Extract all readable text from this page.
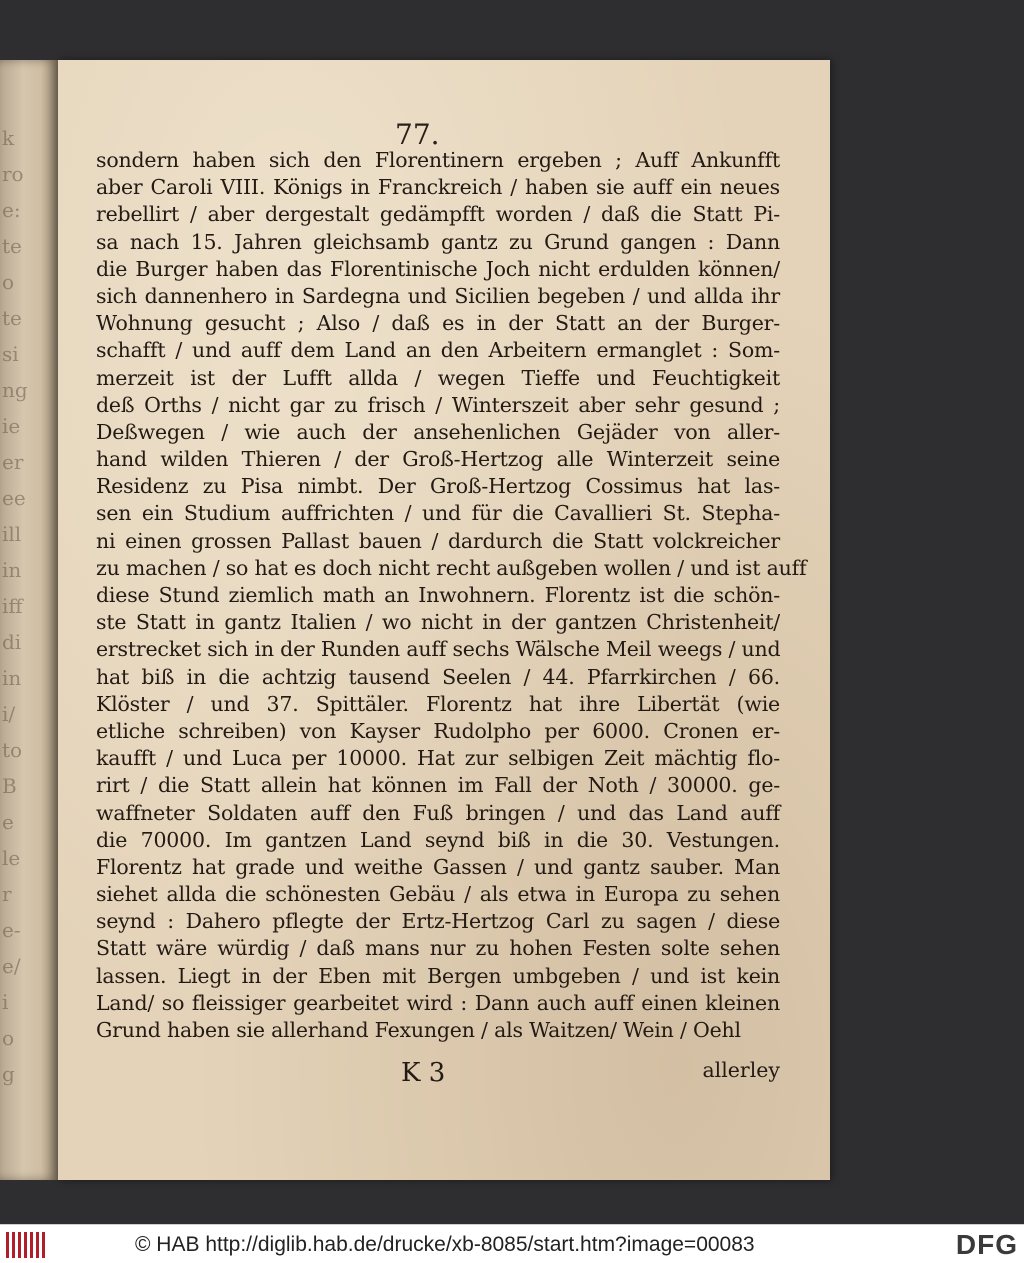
k
ro
e:
te
o
te
si
ng
ie
er
ee
ill
in
iff
di
in
i/
to
B
e
le
r
e-
e/
i
o
g
77.
sondern haben sich den Florentinern ergeben ; Auff Ankunfft
aber Caroli VIII. Königs in Franckreich / haben sie auff ein neues
rebellirt / aber dergestalt gedämpfft worden / daß die Statt Pi-
sa nach 15. Jahren gleichsamb gantz zu Grund gangen : Dann
die Burger haben das Florentinische Joch nicht erdulden können/
sich dannenhero in Sardegna und Sicilien begeben / und allda ihr
Wohnung gesucht ; Also / daß es in der Statt an der Burger-
schafft / und auff dem Land an den Arbeitern ermanglet : Som-
merzeit ist der Lufft allda / wegen Tieffe und Feuchtigkeit
deß Orths / nicht gar zu frisch / Winterszeit aber sehr gesund ;
Deßwegen / wie auch der ansehenlichen Gejäder von aller-
hand wilden Thieren / der Groß-Hertzog alle Winterzeit seine
Residenz zu Pisa nimbt. Der Groß-Hertzog Cossimus hat las-
sen ein Studium auffrichten / und für die Cavallieri St. Stepha-
ni einen grossen Pallast bauen / dardurch die Statt volckreicher
zu machen / so hat es doch nicht recht außgeben wollen / und ist auff
diese Stund ziemlich math an Inwohnern. Florentz ist die schön-
ste Statt in gantz Italien / wo nicht in der gantzen Christenheit/
erstrecket sich in der Runden auff sechs Wälsche Meil weegs / und
hat biß in die achtzig tausend Seelen / 44. Pfarrkirchen / 66.
Klöster / und 37. Spittäler. Florentz hat ihre Libertät (wie
etliche schreiben) von Kayser Rudolpho per 6000. Cronen er-
kaufft / und Luca per 10000. Hat zur selbigen Zeit mächtig flo-
rirt / die Statt allein hat können im Fall der Noth / 30000. ge-
waffneter Soldaten auff den Fuß bringen / und das Land auff
die 70000. Im gantzen Land seynd biß in die 30. Vestungen.
Florentz hat grade und weithe Gassen / und gantz sauber. Man
siehet allda die schönesten Gebäu / als etwa in Europa zu sehen
seynd : Dahero pflegte der Ertz-Hertzog Carl zu sagen / diese
Statt wäre würdig / daß mans nur zu hohen Festen solte sehen
lassen. Liegt in der Eben mit Bergen umbgeben / und ist kein
Land/ so fleissiger gearbeitet wird : Dann auch auff einen kleinen
Grund haben sie allerhand Fexungen / als Waitzen/ Wein / Oehl
K 3	allerley
© HAB http://diglib.hab.de/drucke/xb-8085/start.htm?image=00083	DFG
